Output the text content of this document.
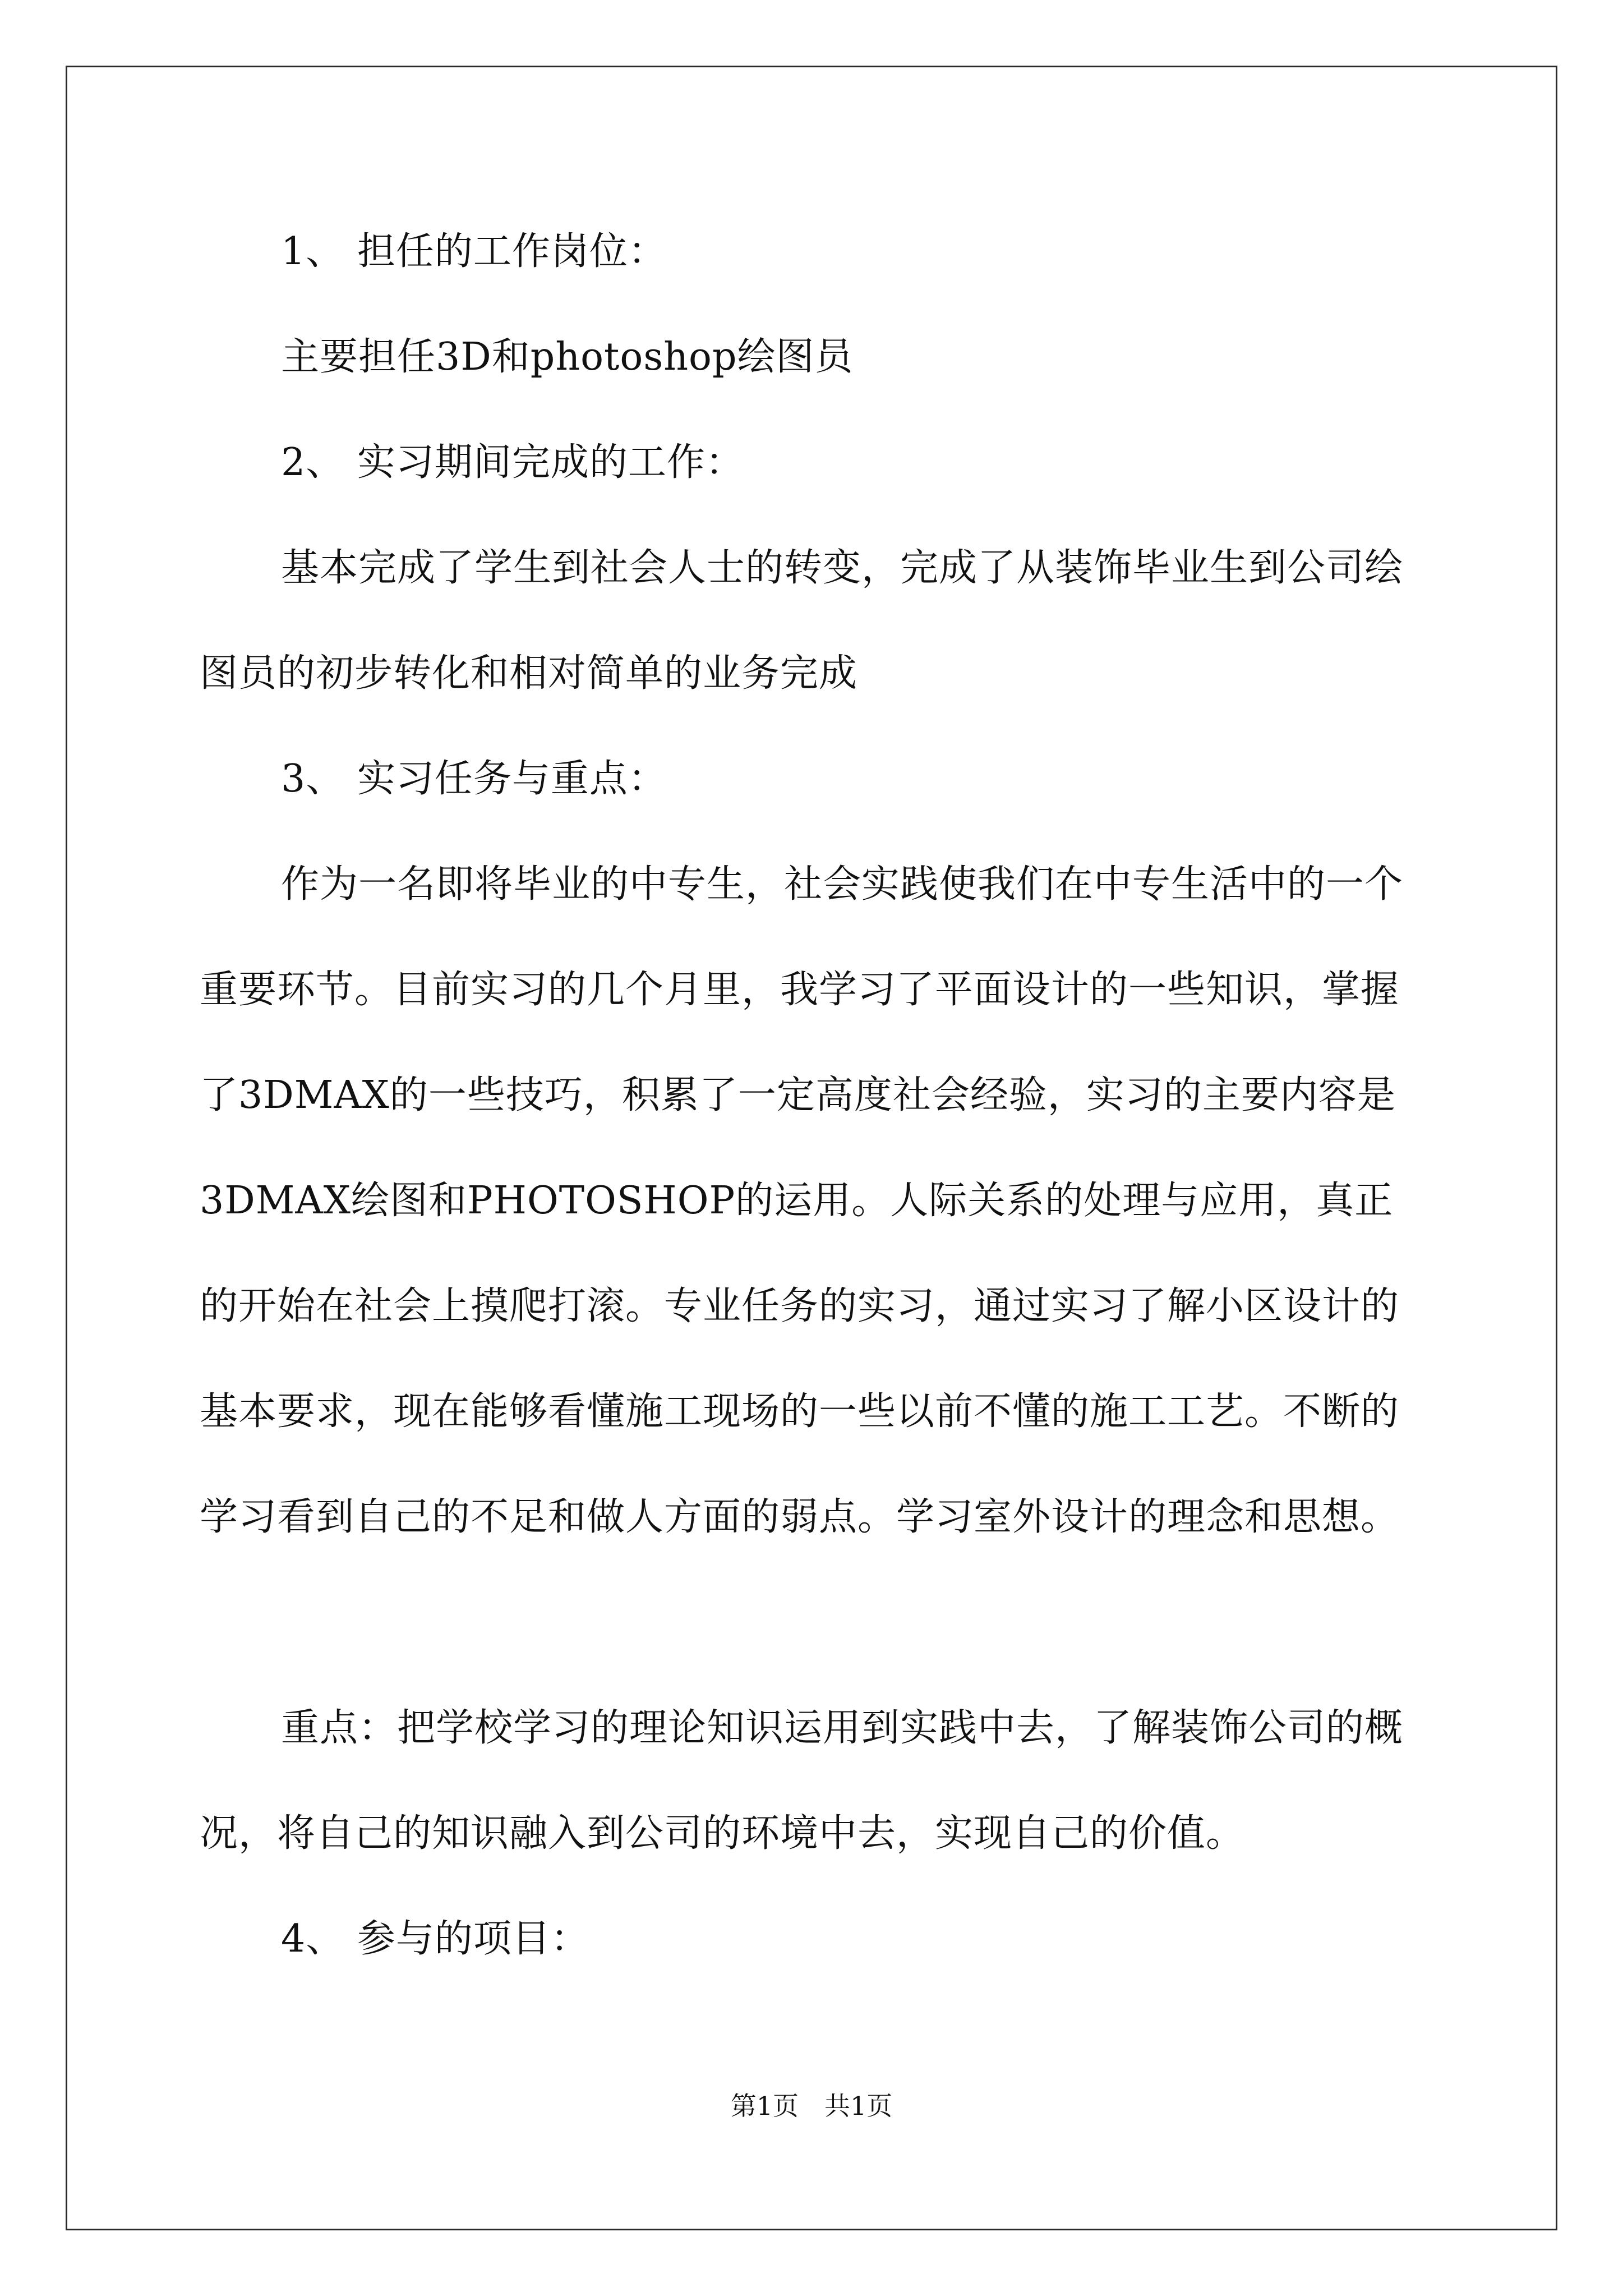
1、 担任的工作岗位：

主要担任3D和photoshop绘图员

2、 实习期间完成的工作：

基本完成了学生到社会人士的转变，完成了从装饰毕业生到公司绘图员的初步转化和相对简单的业务完成

3、 实习任务与重点：

作为一名即将毕业的中专生，社会实践使我们在中专生活中的一个重要环节。目前实习的几个月里，我学习了平面设计的一些知识，掌握了3DMAX的一些技巧，积累了一定高度社会经验，实习的主要内容是3DMAX绘图和PHOTOSHOP的运用。人际关系的处理与应用，真正的开始在社会上摸爬打滚。专业任务的实习，通过实习了解小区设计的基本要求，现在能够看懂施工现场的一些以前不懂的施工工艺。不断的学习看到自己的不足和做人方面的弱点。学习室外设计的理念和思想。

重点：把学校学习的理论知识运用到实践中去，了解装饰公司的概况，将自己的知识融入到公司的环境中去，实现自己的价值。

4、 参与的项目：

第1页 共1页
